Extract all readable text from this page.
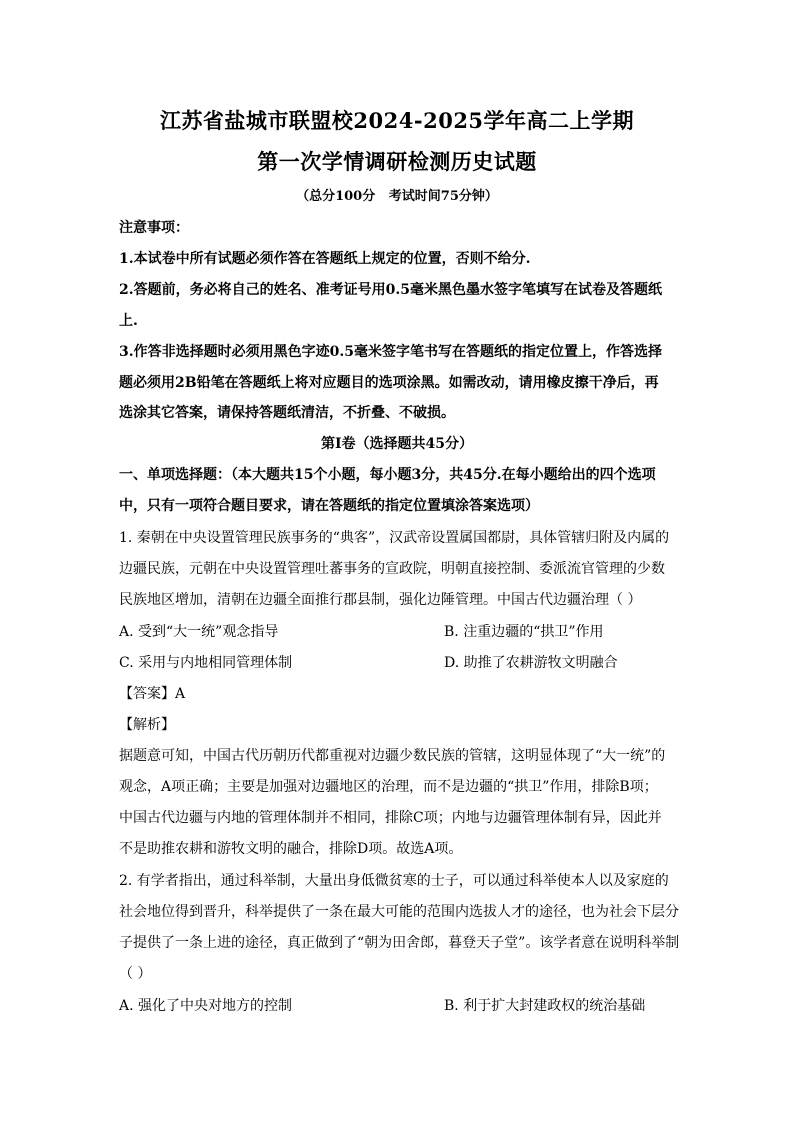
江苏省盐城市联盟校2024-2025学年高二上学期
第一次学情调研检测历史试题
（总分100分   考试时间75分钟）
注意事项：
1.本试卷中所有试题必须作答在答题纸上规定的位置，否则不给分.
2.答题前，务必将自己的姓名、准考证号用0.5毫米黑色墨水签字笔填写在试卷及答题纸
上.
3.作答非选择题时必须用黑色字迹0.5毫米签字笔书写在答题纸的指定位置上，作答选择
题必须用2B铅笔在答题纸上将对应题目的选项涂黑。如需改动，请用橡皮擦干净后，再
选涂其它答案，请保持答题纸清洁，不折叠、不破损。
第Ⅰ卷（选择题共45分）
一、单项选择题：（本大题共15个小题，每小题3分，共45分.在每小题给出的四个选项
中，只有一项符合题目要求，请在答题纸的指定位置填涂答案选项）
1. 秦朝在中央设置管理民族事务的“典客”，汉武帝设置属国都尉，具体管辖归附及内属的
边疆民族，元朝在中央设置管理吐蕃事务的宣政院，明朝直接控制、委派流官管理的少数
民族地区增加，清朝在边疆全面推行郡县制，强化边陲管理。中国古代边疆治理（ ）
A. 受到“大一统”观念指导	B. 注重边疆的“拱卫”作用
C. 采用与内地相同管理体制	D. 助推了农耕游牧文明融合
【答案】A
【解析】
据题意可知，中国古代历朝历代都重视对边疆少数民族的管辖，这明显体现了“大一统”的
观念，A项正确；主要是加强对边疆地区的治理，而不是边疆的“拱卫”作用，排除B项；
中国古代边疆与内地的管理体制并不相同，排除C项；内地与边疆管理体制有异，因此并
不是助推农耕和游牧文明的融合，排除D项。故选A项。
2. 有学者指出，通过科举制，大量出身低微贫寒的士子，可以通过科举使本人以及家庭的
社会地位得到晋升，科举提供了一条在最大可能的范围内选拔人才的途径，也为社会下层分
子提供了一条上进的途径，真正做到了“朝为田舍郎，暮登天子堂”。该学者意在说明科举制
（ ）
A. 强化了中央对地方的控制	B. 利于扩大封建政权的统治基础
